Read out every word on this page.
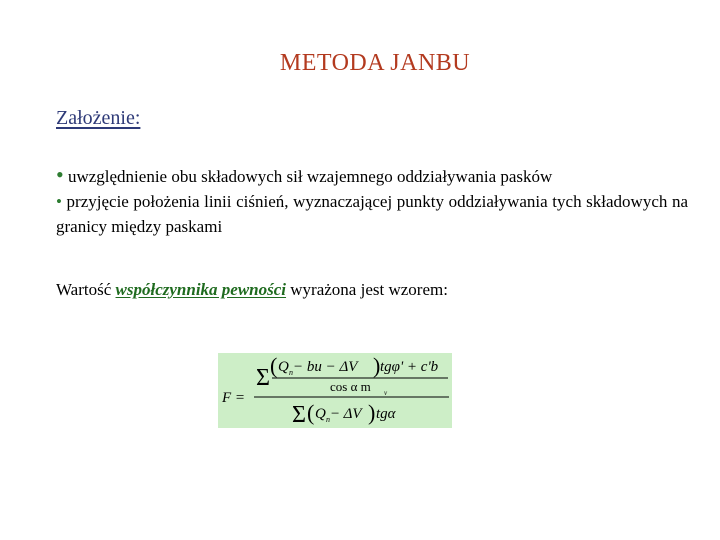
METODA JANBU
Założenie:
• uwzględnienie obu składowych sił wzajemnego oddziaływania pasków
• przyjęcie położenia linii ciśnień, wyznaczającej punkty oddziaływania tych składowych na granicy między paskami
Wartość współczynnika pewności wyrażona jest wzorem:
F =
Σ ( Q n − bu − ΔV ) tgφ' + c'b
cos α m v
Σ ( Q n − ΔV ) tgα
